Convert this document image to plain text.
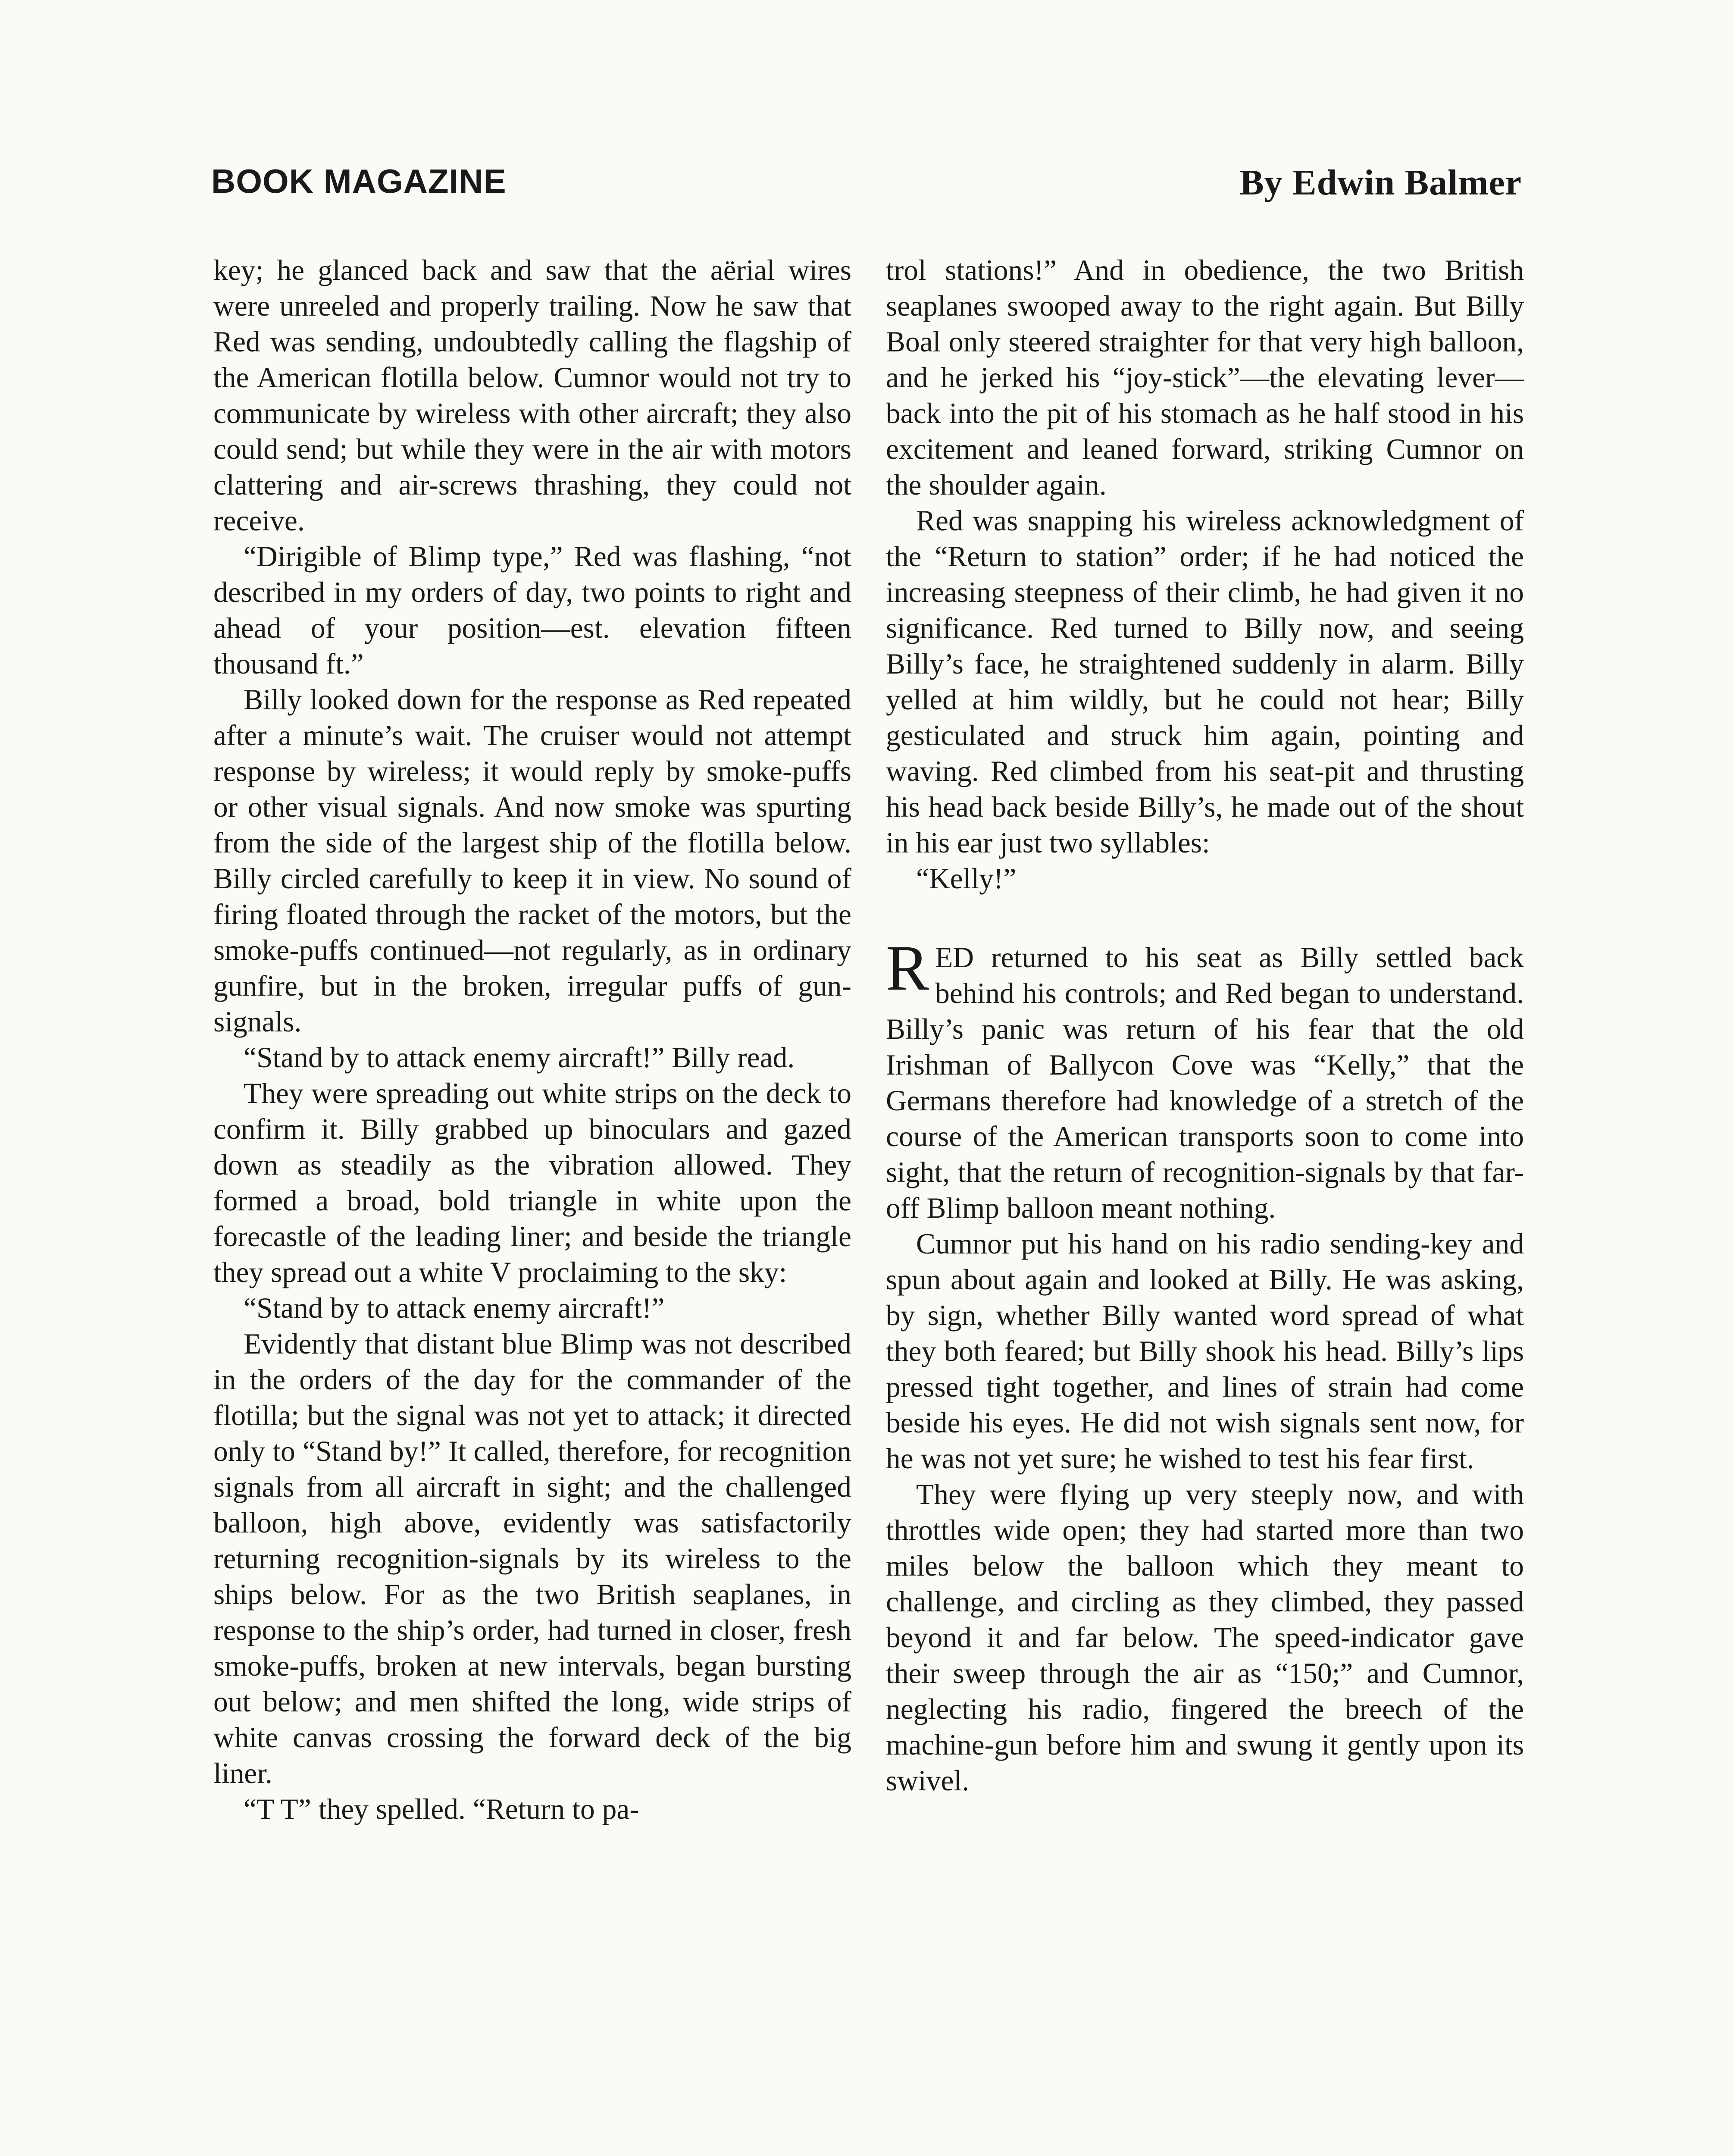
BOOK MAGAZINE	By Edwin Balmer

key; he glanced back and saw that the aërial wires were unreeled and properly trailing. Now he saw that Red was sending, undoubtedly calling the flagship of the American flotilla below. Cumnor would not try to communicate by wireless with other aircraft; they also could send; but while they were in the air with motors clattering and air-screws thrashing, they could not receive.

“Dirigible of Blimp type,” Red was flashing, “not described in my orders of day, two points to right and ahead of your position—est. elevation fifteen thousand ft.”

Billy looked down for the response as Red repeated after a minute’s wait. The cruiser would not attempt response by wireless; it would reply by smoke-puffs or other visual signals. And now smoke was spurting from the side of the largest ship of the flotilla below. Billy circled carefully to keep it in view. No sound of firing floated through the racket of the motors, but the smoke-puffs continued—not regularly, as in ordinary gunfire, but in the broken, irregular puffs of gun-signals.

“Stand by to attack enemy aircraft!” Billy read.

They were spreading out white strips on the deck to confirm it. Billy grabbed up binoculars and gazed down as steadily as the vibration allowed. They formed a broad, bold triangle in white upon the forecastle of the leading liner; and beside the triangle they spread out a white V proclaiming to the sky:

“Stand by to attack enemy aircraft!”

Evidently that distant blue Blimp was not described in the orders of the day for the commander of the flotilla; but the signal was not yet to attack; it directed only to “Stand by!” It called, therefore, for recognition signals from all aircraft in sight; and the challenged balloon, high above, evidently was satisfactorily returning recognition-signals by its wireless to the ships below. For as the two British seaplanes, in response to the ship’s order, had turned in closer, fresh smoke-puffs, broken at new intervals, began bursting out below; and men shifted the long, wide strips of white canvas crossing the forward deck of the big liner.

“T T” they spelled. “Return to pa-

trol stations!” And in obedience, the two British seaplanes swooped away to the right again. But Billy Boal only steered straighter for that very high balloon, and he jerked his “joy-stick”—the elevating lever—back into the pit of his stomach as he half stood in his excitement and leaned forward, striking Cumnor on the shoulder again.

Red was snapping his wireless acknowledgment of the “Return to station” order; if he had noticed the increasing steepness of their climb, he had given it no significance. Red turned to Billy now, and seeing Billy’s face, he straightened suddenly in alarm. Billy yelled at him wildly, but he could not hear; Billy gesticulated and struck him again, pointing and waving. Red climbed from his seat-pit and thrusting his head back beside Billy’s, he made out of the shout in his ear just two syllables:

“Kelly!”

RED returned to his seat as Billy settled back behind his controls; and Red began to understand. Billy’s panic was return of his fear that the old Irishman of Ballycon Cove was “Kelly,” that the Germans therefore had knowledge of a stretch of the course of the American transports soon to come into sight, that the return of recognition-signals by that far-off Blimp balloon meant nothing.

Cumnor put his hand on his radio sending-key and spun about again and looked at Billy. He was asking, by sign, whether Billy wanted word spread of what they both feared; but Billy shook his head. Billy’s lips pressed tight together, and lines of strain had come beside his eyes. He did not wish signals sent now, for he was not yet sure; he wished to test his fear first.

They were flying up very steeply now, and with throttles wide open; they had started more than two miles below the balloon which they meant to challenge, and circling as they climbed, they passed beyond it and far below. The speed-indicator gave their sweep through the air as “150;” and Cumnor, neglecting his radio, fingered the breech of the machine-gun before him and swung it gently upon its swivel.
